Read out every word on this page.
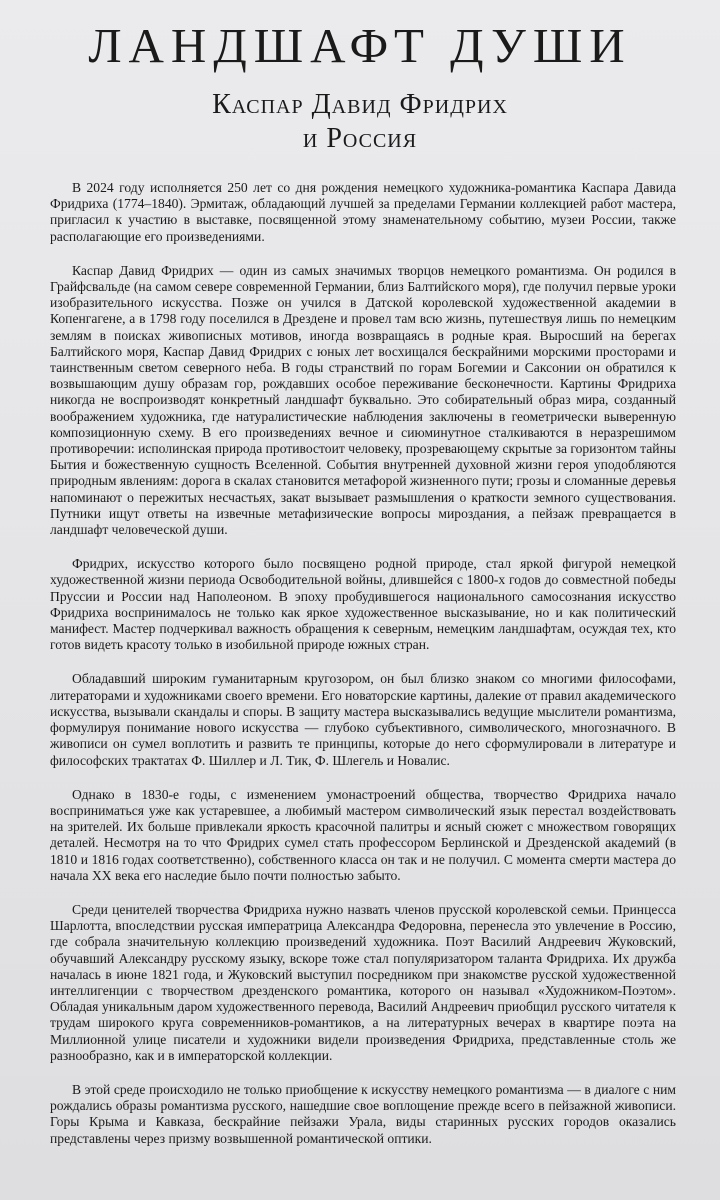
ЛАНДШАФТ ДУШИ
Каспар Давид Фридрих
и Россия

В 2024 году исполняется 250 лет со дня рождения немецкого художника-романтика Каспара Давида Фридриха (1774–1840). Эрмитаж, обладающий лучшей за пределами Германии коллекцией работ мастера, пригласил к участию в выставке, посвященной этому знаменательному событию, музеи России, также располагающие его произведениями.

Каспар Давид Фридрих — один из самых значимых творцов немецкого романтизма. Он родился в Грайфсвальде (на самом севере современной Германии, близ Балтийского моря), где получил первые уроки изобразительного искусства. Позже он учился в Датской королевской художественной академии в Копенгагене, а в 1798 году поселился в Дрездене и провел там всю жизнь, путешествуя лишь по немецким землям в поисках живописных мотивов, иногда возвращаясь в родные края. Выросший на берегах Балтийского моря, Каспар Давид Фридрих с юных лет восхищался бескрайними морскими просторами и таинственным светом северного неба. В годы странствий по горам Богемии и Саксонии он обратился к возвышающим душу образам гор, рождавших особое переживание бесконечности. Картины Фридриха никогда не воспроизводят конкретный ландшафт буквально. Это собирательный образ мира, созданный воображением художника, где натуралистические наблюдения заключены в геометрически выверенную композиционную схему. В его произведениях вечное и сиюминутное сталкиваются в неразрешимом противоречии: исполинская природа противостоит человеку, прозревающему скрытые за горизонтом тайны Бытия и божественную сущность Вселенной. События внутренней духовной жизни героя уподобляются природным явлениям: дорога в скалах становится метафорой жизненного пути; грозы и сломанные деревья напоминают о пережитых несчастьях, закат вызывает размышления о краткости земного существования. Путники ищут ответы на извечные метафизические вопросы мироздания, а пейзаж превращается в ландшафт человеческой души.

Фридрих, искусство которого было посвящено родной природе, стал яркой фигурой немецкой художественной жизни периода Освободительной войны, длившейся с 1800-х годов до совместной победы Пруссии и России над Наполеоном. В эпоху пробудившегося национального самосознания искусство Фридриха воспринималось не только как яркое художественное высказывание, но и как политический манифест. Мастер подчеркивал важность обращения к северным, немецким ландшафтам, осуждая тех, кто готов видеть красоту только в изобильной природе южных стран.

Обладавший широким гуманитарным кругозором, он был близко знаком со многими философами, литераторами и художниками своего времени. Его новаторские картины, далекие от правил академического искусства, вызывали скандалы и споры. В защиту мастера высказывались ведущие мыслители романтизма, формулируя понимание нового искусства — глубоко субъективного, символического, многозначного. В живописи он сумел воплотить и развить те принципы, которые до него сформулировали в литературе и философских трактатах Ф. Шиллер и Л. Тик, Ф. Шлегель и Новалис.

Однако в 1830-е годы, с изменением умонастроений общества, творчество Фридриха начало восприниматься уже как устаревшее, а любимый мастером символический язык перестал воздействовать на зрителей. Их больше привлекали яркость красочной палитры и ясный сюжет с множеством говорящих деталей. Несмотря на то что Фридрих сумел стать профессором Берлинской и Дрезденской академий (в 1810 и 1816 годах соответственно), собственного класса он так и не получил. С момента смерти мастера до начала XX века его наследие было почти полностью забыто.

Среди ценителей творчества Фридриха нужно назвать членов прусской королевской семьи. Принцесса Шарлотта, впоследствии русская императрица Александра Федоровна, перенесла это увлечение в Россию, где собрала значительную коллекцию произведений художника. Поэт Василий Андреевич Жуковский, обучавший Александру русскому языку, вскоре тоже стал популяризатором таланта Фридриха. Их дружба началась в июне 1821 года, и Жуковский выступил посредником при знакомстве русской художественной интеллигенции с творчеством дрезденского романтика, которого он называл «Художником-Поэтом». Обладая уникальным даром художественного перевода, Василий Андреевич приобщил русского читателя к трудам широкого круга современников-романтиков, а на литературных вечерах в квартире поэта на Миллионной улице писатели и художники видели произведения Фридриха, представленные столь же разнообразно, как и в императорской коллекции.

В этой среде происходило не только приобщение к искусству немецкого романтизма — в диалоге с ним рождались образы романтизма русского, нашедшие свое воплощение прежде всего в пейзажной живописи. Горы Крыма и Кавказа, бескрайние пейзажи Урала, виды старинных русских городов оказались представлены через призму возвышенной романтической оптики.
